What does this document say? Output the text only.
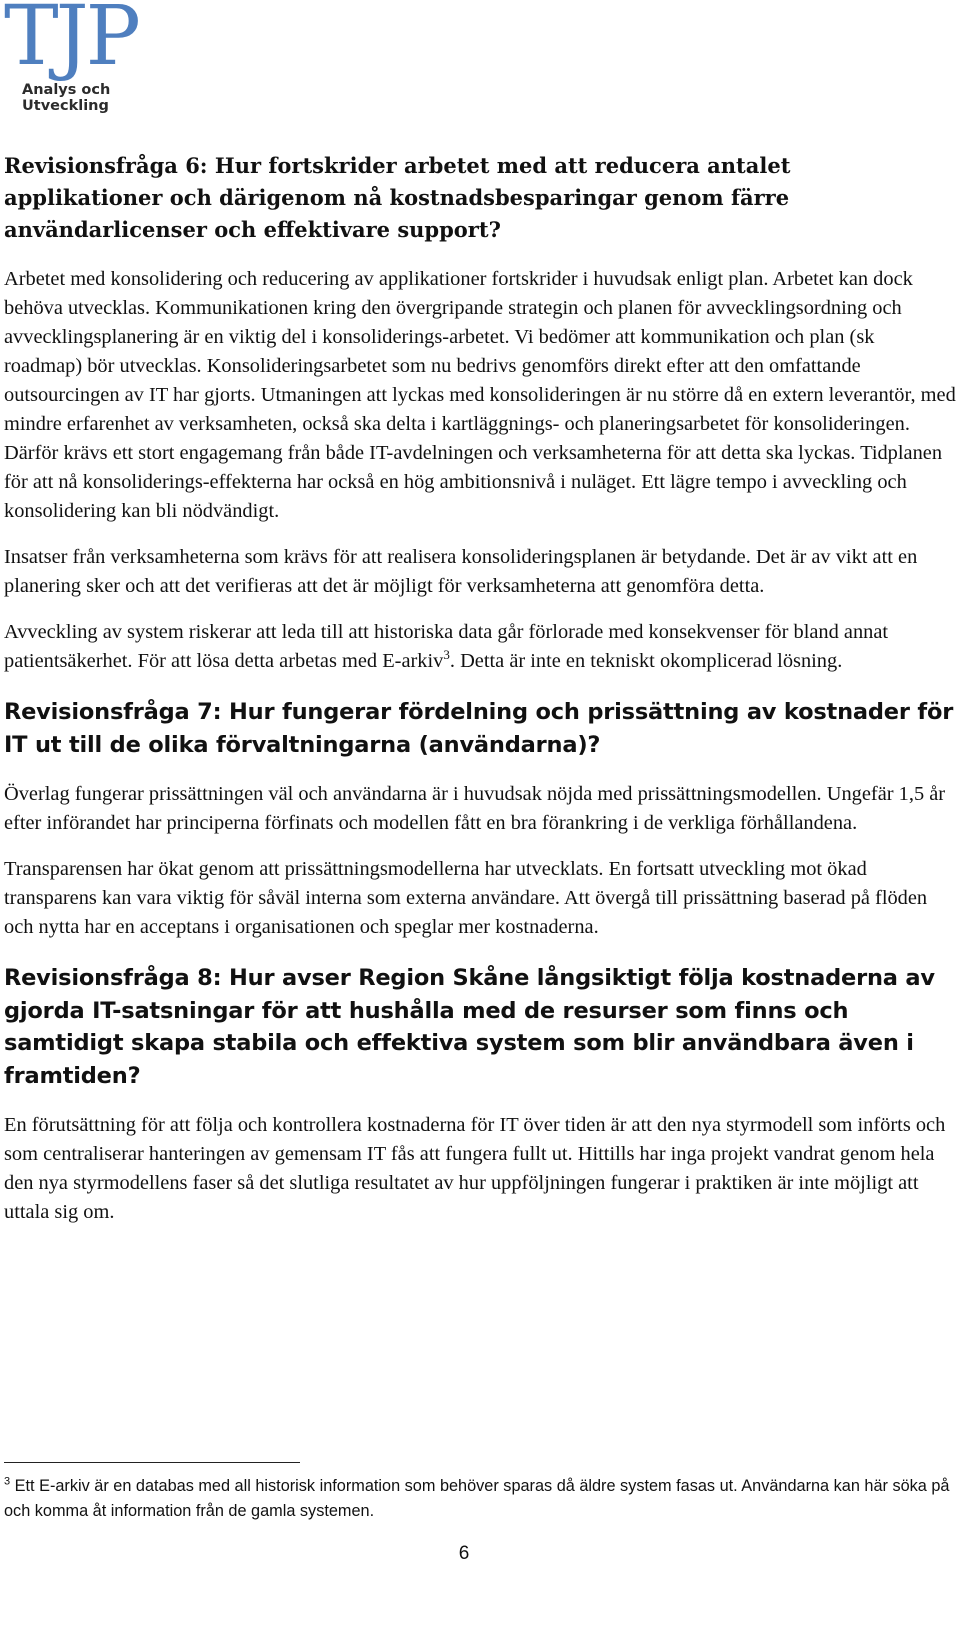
TJP
Analys och
Utveckling
Revisionsfråga 6: Hur fortskrider arbetet med att reducera antalet applikationer och därigenom nå kostnadsbesparingar genom färre användarlicenser och effektivare support?

Arbetet med konsolidering och reducering av applikationer fortskrider i huvudsak enligt plan. Arbetet kan dock behöva utvecklas. Kommunikationen kring den övergripande strategin och planen för avvecklingsordning och avvecklingsplanering är en viktig del i konsoliderings-arbetet. Vi bedömer att kommunikation och plan (sk roadmap) bör utvecklas. Konsolideringsarbetet som nu bedrivs genomförs direkt efter att den omfattande outsourcingen av IT har gjorts. Utmaningen att lyckas med konsolideringen är nu större då en extern leverantör, med mindre erfarenhet av verksamheten, också ska delta i kartläggnings- och planeringsarbetet för konsolideringen. Därför krävs ett stort engagemang från både IT-avdelningen och verksamheterna för att detta ska lyckas. Tidplanen för att nå konsoliderings-effekterna har också en hög ambitionsnivå i nuläget. Ett lägre tempo i avveckling och konsolidering kan bli nödvändigt.

Insatser från verksamheterna som krävs för att realisera konsolideringsplanen är betydande. Det är av vikt att en planering sker och att det verifieras att det är möjligt för verksamheterna att genomföra detta.

Avveckling av system riskerar att leda till att historiska data går förlorade med konsekvenser för bland annat patientsäkerhet. För att lösa detta arbetas med E-arkiv$^3$. Detta är inte en tekniskt okomplicerad lösning.

Revisionsfråga 7: Hur fungerar fördelning och prissättning av kostnader för IT ut till de olika förvaltningarna (användarna)?

Överlag fungerar prissättningen väl och användarna är i huvudsak nöjda med prissättningsmodellen. Ungefär 1,5 år efter införandet har principerna förfinats och modellen fått en bra förankring i de verkliga förhållandena.

Transparensen har ökat genom att prissättningsmodellerna har utvecklats. En fortsatt utveckling mot ökad transparens kan vara viktig för såväl interna som externa användare. Att övergå till prissättning baserad på flöden och nytta har en acceptans i organisationen och speglar mer kostnaderna.

Revisionsfråga 8: Hur avser Region Skåne långsiktigt följa kostnaderna av gjorda IT-satsningar för att hushålla med de resurser som finns och samtidigt skapa stabila och effektiva system som blir användbara även i framtiden?

En förutsättning för att följa och kontrollera kostnaderna för IT över tiden är att den nya styrmodell som införts och som centraliserar hanteringen av gemensam IT fås att fungera fullt ut. Hittills har inga projekt vandrat genom hela den nya styrmodellens faser så det slutliga resultatet av hur uppföljningen fungerar i praktiken är inte möjligt att uttala sig om.

$^3$ Ett E-arkiv är en databas med all historisk information som behöver sparas då äldre system fasas ut. Användarna kan här söka på och komma åt information från de gamla systemen.
6
